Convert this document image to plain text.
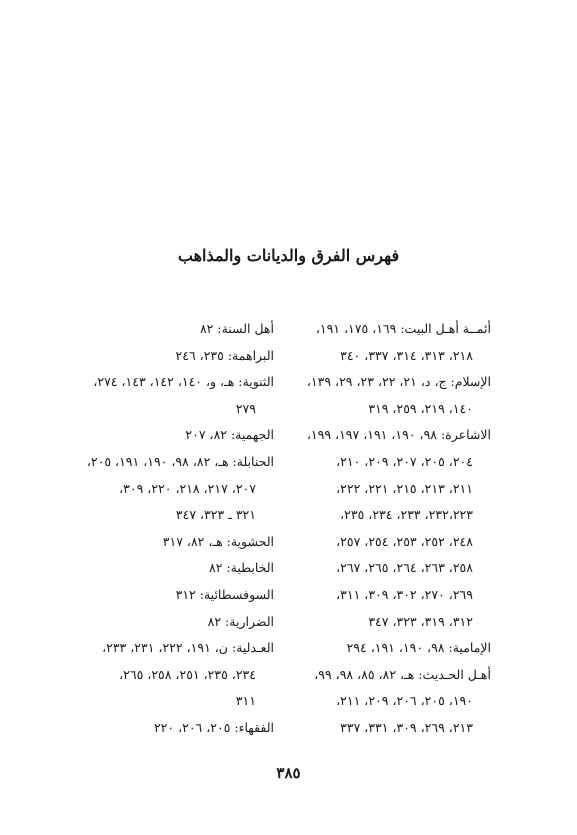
فهرس الفرق والديانات والمذاهب
أئمــة أهـل البيت: ١٦٩، ١٧٥، ١٩١،
٢١٨، ٣١٣، ٣١٤، ٣٣٧، ٣٤٠
الإسلام: ج، د، ٢١، ٢٢، ٢٣، ٢٩، ١٣٩،
١٤٠، ٢١٩، ٢٥٩، ٣١٩
الاشاعرة: ٩٨، ١٩٠، ١٩١، ١٩٧، ١٩٩،
٢٠٤، ٢٠٥، ٢٠٧، ٢٠٩، ٢١٠،
٢١١، ٢١٣، ٢١٥، ٢٢١، ٢٢٢،
٢٣٢،٢٢٣، ٢٣٣، ٢٣٤، ٢٣٥،
٢٤٨، ٢٥٢، ٢٥٣، ٢٥٤، ٢٥٧،
٢٥٨، ٢٦٣، ٢٦٤، ٢٦٥، ٢٦٧،
٢٦٩، ٢٧٠، ٣٠٢، ٣٠٩، ٣١١،
٣١٢، ٣١٩، ٣٢٣، ٣٤٧
الإمامية: ٩٨، ١٩٠، ١٩١، ٢٩٤
أهـل الحـديث: هـ، ٨٢، ٨٥، ٩٨، ٩٩،
١٩٠، ٢٠٥، ٢٠٦، ٢٠٩، ٢١١،
٢١٣، ٢٦٩، ٣٠٩، ٣٣١، ٣٣٧
أهل السنة: ٨٢
البراهمة: ٢٣٥، ٢٤٦
الثنوية: هـ، و، ١٤٠، ١٤٢، ١٤٣، ٢٧٤،
٢٧٩
الجهمية: ٨٢، ٢٠٧
الحنابلة: هـ، ٨٢، ٩٨، ١٩٠، ١٩١، ٢٠٥،
٢٠٧، ٢١٧، ٢١٨، ٢٢٠، ٣٠٩،
٣٢١ ـ ٣٢٣، ٣٤٧
الحشوية: هـ، ٨٢، ٣١٧
الخابطية: ٨٢
السوفسطائية: ٣١٢
الضرارية: ٨٢
العـدلية: ن، ١٩١، ٢٢٢، ٢٣١، ٢٣٣،
٢٣٤، ٢٣٥، ٢٥١، ٢٥٨، ٢٦٥،
٣١١
الفقهاء: ٢٠٥، ٢٠٦، ٢٢٠
٣٨٥
